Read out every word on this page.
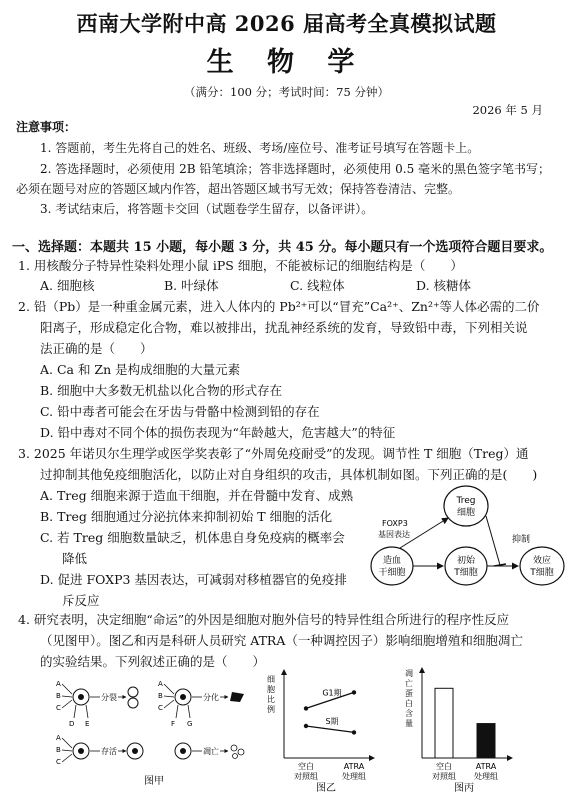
西南大学附中高 2026 届高考全真模拟试题
生 物 学
（满分：100 分；考试时间：75 分钟）
2026 年 5 月
注意事项：
1. 答题前，考生先将自己的姓名、班级、考场/座位号、准考证号填写在答题卡上。
2. 答选择题时，必须使用 2B 铅笔填涂；答非选择题时，必须使用 0.5 毫米的黑色签字笔书写；
必须在题号对应的答题区域内作答，超出答题区域书写无效；保持答卷清洁、完整。
3. 考试结束后，将答题卡交回（试题卷学生留存，以备评讲）。
一、选择题：本题共 15 小题，每小题 3 分，共 45 分。每小题只有一个选项符合题目要求。
1. 用核酸分子特异性染料处理小鼠 iPS 细胞，不能被标记的细胞结构是（　　）
A. 细胞核	B. 叶绿体	C. 线粒体	D. 核糖体
2. 铅（Pb）是一种重金属元素，进入人体内的 Pb²⁺可以“冒充”Ca²⁺、Zn²⁺等人体必需的二价
阳离子，形成稳定化合物，难以被排出，扰乱神经系统的发育，导致铅中毒，下列相关说
法正确的是（　　）
A. Ca 和 Zn 是构成细胞的大量元素
B. 细胞中大多数无机盐以化合物的形式存在
C. 铅中毒者可能会在牙齿与骨骼中检测到铅的存在
D. 铅中毒对不同个体的损伤表现为“年龄越大，危害越大”的特征
3. 2025 年诺贝尔生理学或医学奖表彰了“外周免疫耐受”的发现。调节性 T 细胞（Treg）通
过抑制其他免疫细胞活化，以防止对自身组织的攻击，具体机制如图。下列正确的是(　　)
A. Treg 细胞来源于造血干细胞，并在骨髓中发育、成熟
B. Treg 细胞通过分泌抗体来抑制初始 T 细胞的活化
C. 若 Treg 细胞数量缺乏，机体患自身免疫病的概率会
降低
D. 促进 FOXP3 基因表达，可减弱对移植器官的免疫排
斥反应
Treg
细胞
造血
干细胞
初始
T细胞
效应
T细胞
FOXP3
基因表达
抑制
4. 研究表明，决定细胞“命运”的外因是细胞对胞外信号的特异性组合所进行的程序性反应
（见图甲）。图乙和丙是科研人员研究 ATRA（一种调控因子）影响细胞增殖和细胞凋亡
的实验结果。下列叙述正确的是（　　）
A
B
C
D E
分裂
A
B
C
F G
分化
A
B
C
存活	凋亡
图甲
细
胞
比
例
G1期
S期
空白
对照组
ATRA
处理组
图乙
凋
亡
蛋
白
含
量
空白
对照组
ATRA
处理组
图丙
